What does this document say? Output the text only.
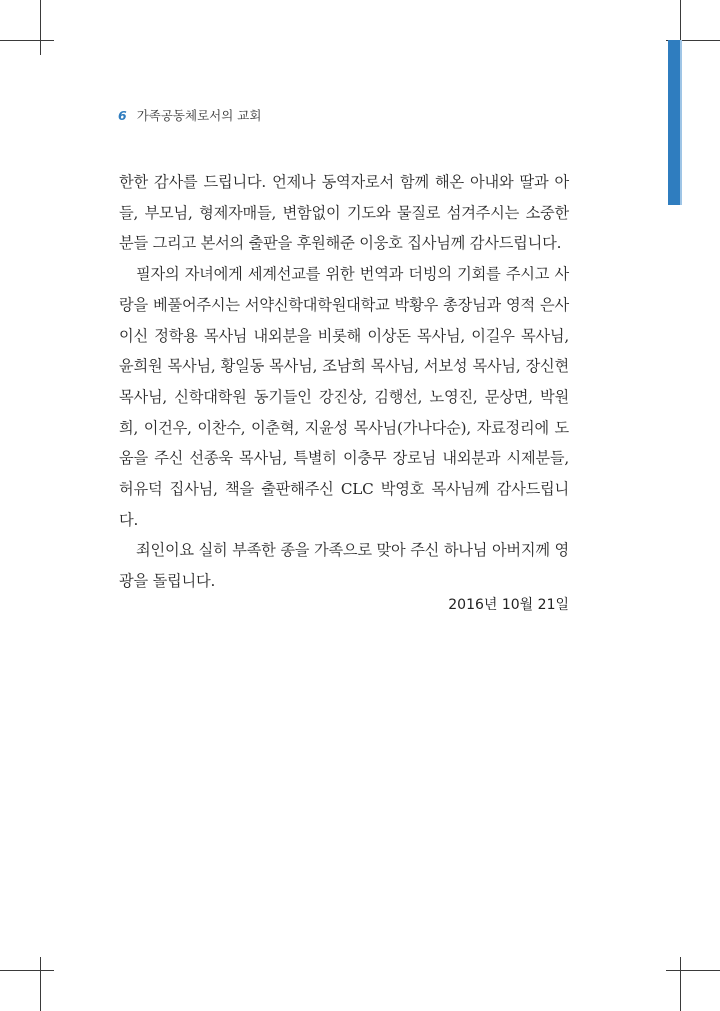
6 가족공동체로서의 교회

한한 감사를 드립니다. 언제나 동역자로서 함께 해온 아내와 딸과 아들, 부모님, 형제자매들, 변함없이 기도와 물질로 섬겨주시는 소중한 분들 그리고 본서의 출판을 후원해준 이웅호 집사님께 감사드립니다.

필자의 자녀에게 세계선교를 위한 번역과 더빙의 기회를 주시고 사랑을 베풀어주시는 서약신학대학원대학교 박황우 총장님과 영적 은사이신 정학용 목사님 내외분을 비롯해 이상돈 목사님, 이길우 목사님, 윤희원 목사님, 황일동 목사님, 조남희 목사님, 서보성 목사님, 장신현 목사님, 신학대학원 동기들인 강진상, 김행선, 노영진, 문상면, 박원희, 이건우, 이찬수, 이춘혁, 지윤성 목사님(가나다순), 자료정리에 도움을 주신 선종욱 목사님, 특별히 이충무 장로님 내외분과 시제분들, 허유덕 집사님, 책을 출판해주신 CLC 박영호 목사님께 감사드립니다.

죄인이요 실히 부족한 종을 가족으로 맞아 주신 하나님 아버지께 영광을 돌립니다.

2016년 10월 21일
